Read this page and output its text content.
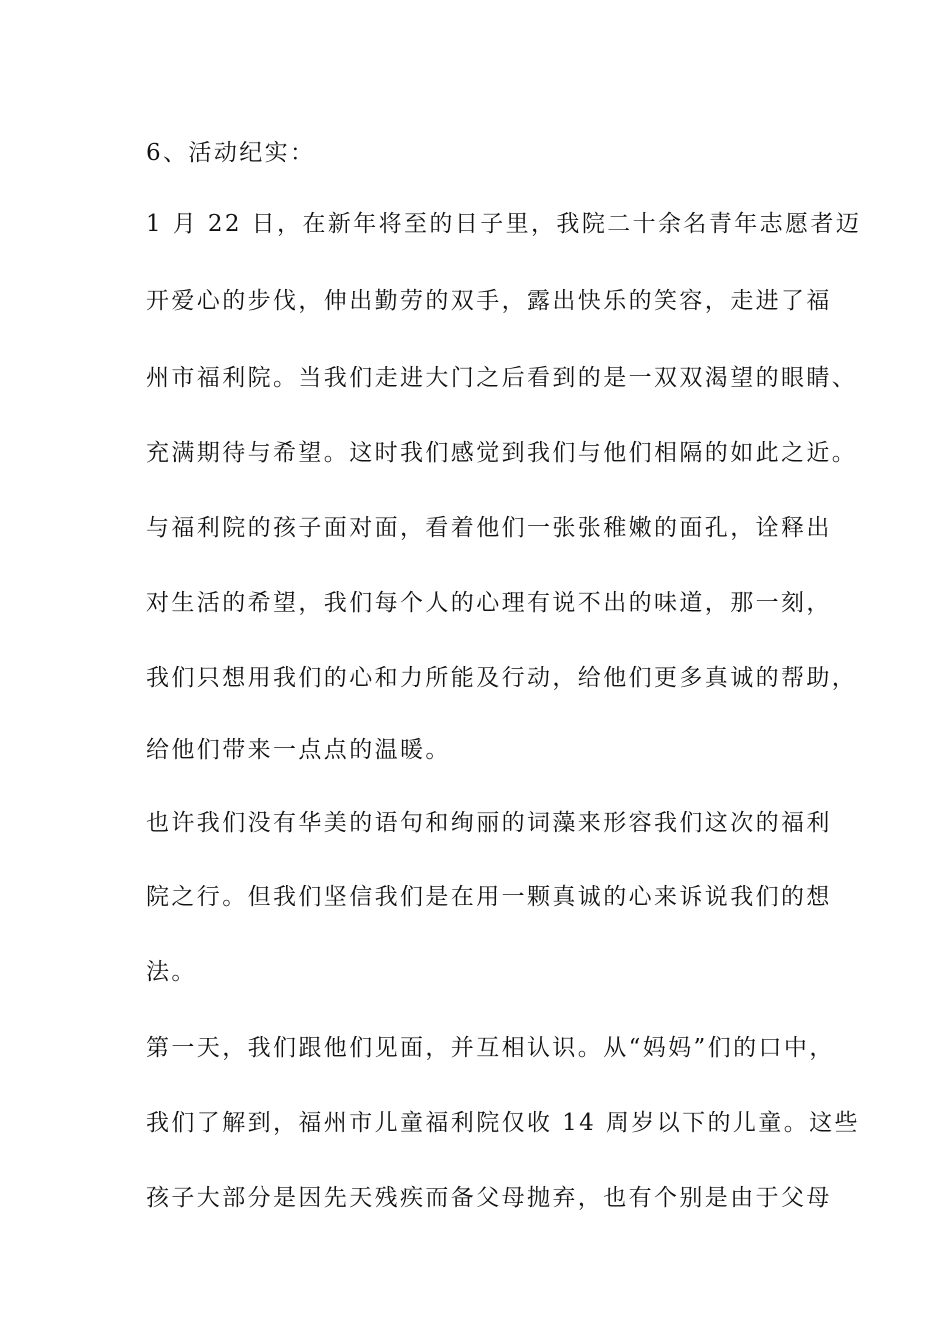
6、活动纪实：
1 月 22 日，在新年将至的日子里，我院二十余名青年志愿者迈
开爱心的步伐，伸出勤劳的双手，露出快乐的笑容，走进了福
州市福利院。当我们走进大门之后看到的是一双双渴望的眼睛、
充满期待与希望。这时我们感觉到我们与他们相隔的如此之近。
与福利院的孩子面对面，看着他们一张张稚嫩的面孔，诠释出
对生活的希望，我们每个人的心理有说不出的味道，那一刻，
我们只想用我们的心和力所能及行动，给他们更多真诚的帮助，
给他们带来一点点的温暖。
也许我们没有华美的语句和绚丽的词藻来形容我们这次的福利
院之行。但我们坚信我们是在用一颗真诚的心来诉说我们的想
法。
第一天，我们跟他们见面，并互相认识。从“妈妈”们的口中，
我们了解到，福州市儿童福利院仅收 14 周岁以下的儿童。这些
孩子大部分是因先天残疾而备父母抛弃，也有个别是由于父母
